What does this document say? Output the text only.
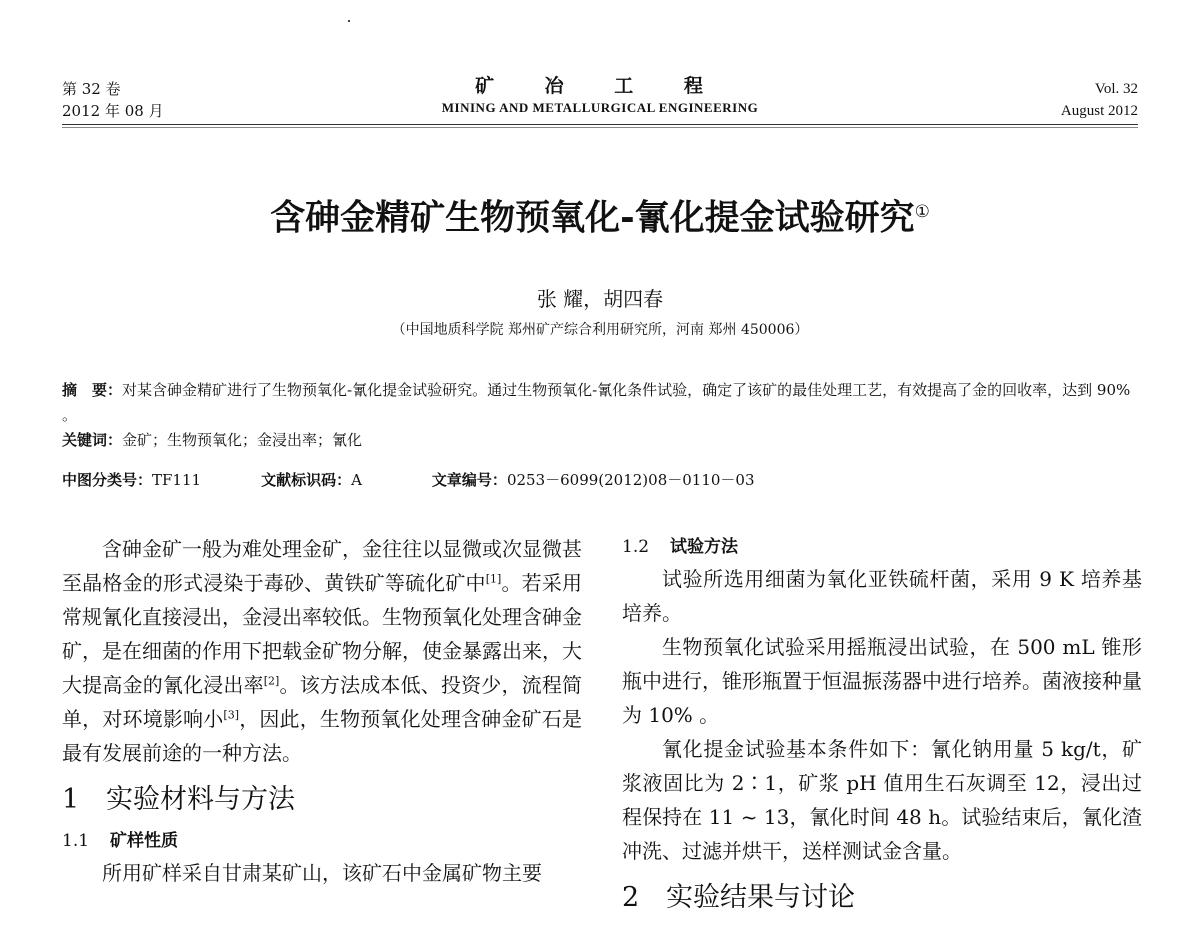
第 32 卷
2012 年 08 月
矿 冶 工 程
MINING AND METALLURGICAL ENGINEERING
Vol. 32
August 2012
含砷金精矿生物预氧化-氰化提金试验研究①
张 耀，胡四春
（中国地质科学院 郑州矿产综合利用研究所，河南 郑州 450006）
摘　要：对某含砷金精矿进行了生物预氧化-氰化提金试验研究。通过生物预氧化-氰化条件试验，确定了该矿的最佳处理工艺，有效提高了金的回收率，达到 90% 。
关键词：金矿；生物预氧化；金浸出率；氰化
中图分类号：TF111	文献标识码：A	文章编号：0253－6099(2012)08－0110－03

含砷金矿一般为难处理金矿，金往往以显微或次显微甚至晶格金的形式浸染于毒砂、黄铁矿等硫化矿中[1]。若采用常规氰化直接浸出，金浸出率较低。生物预氧化处理含砷金矿，是在细菌的作用下把载金矿物分解，使金暴露出来，大大提高金的氰化浸出率[2]。该方法成本低、投资少，流程简单，对环境影响小[3]，因此，生物预氧化处理含砷金矿石是最有发展前途的一种方法。

1 实验材料与方法
1.1 矿样性质

所用矿样采自甘肃某矿山，该矿石中金属矿物主要

1.2 试验方法

试验所选用细菌为氧化亚铁硫杆菌，采用 9 K 培养基培养。

生物预氧化试验采用摇瓶浸出试验，在 500 mL 锥形瓶中进行，锥形瓶置于恒温振荡器中进行培养。菌液接种量为 10% 。

氰化提金试验基本条件如下：氰化钠用量 5 kg/t，矿浆液固比为 2∶1，矿浆 pH 值用生石灰调至 12，浸出过程保持在 11 ~ 13，氰化时间 48 h。试验结束后，氰化渣冲洗、过滤并烘干，送样测试金含量。

2 实验结果与讨论
